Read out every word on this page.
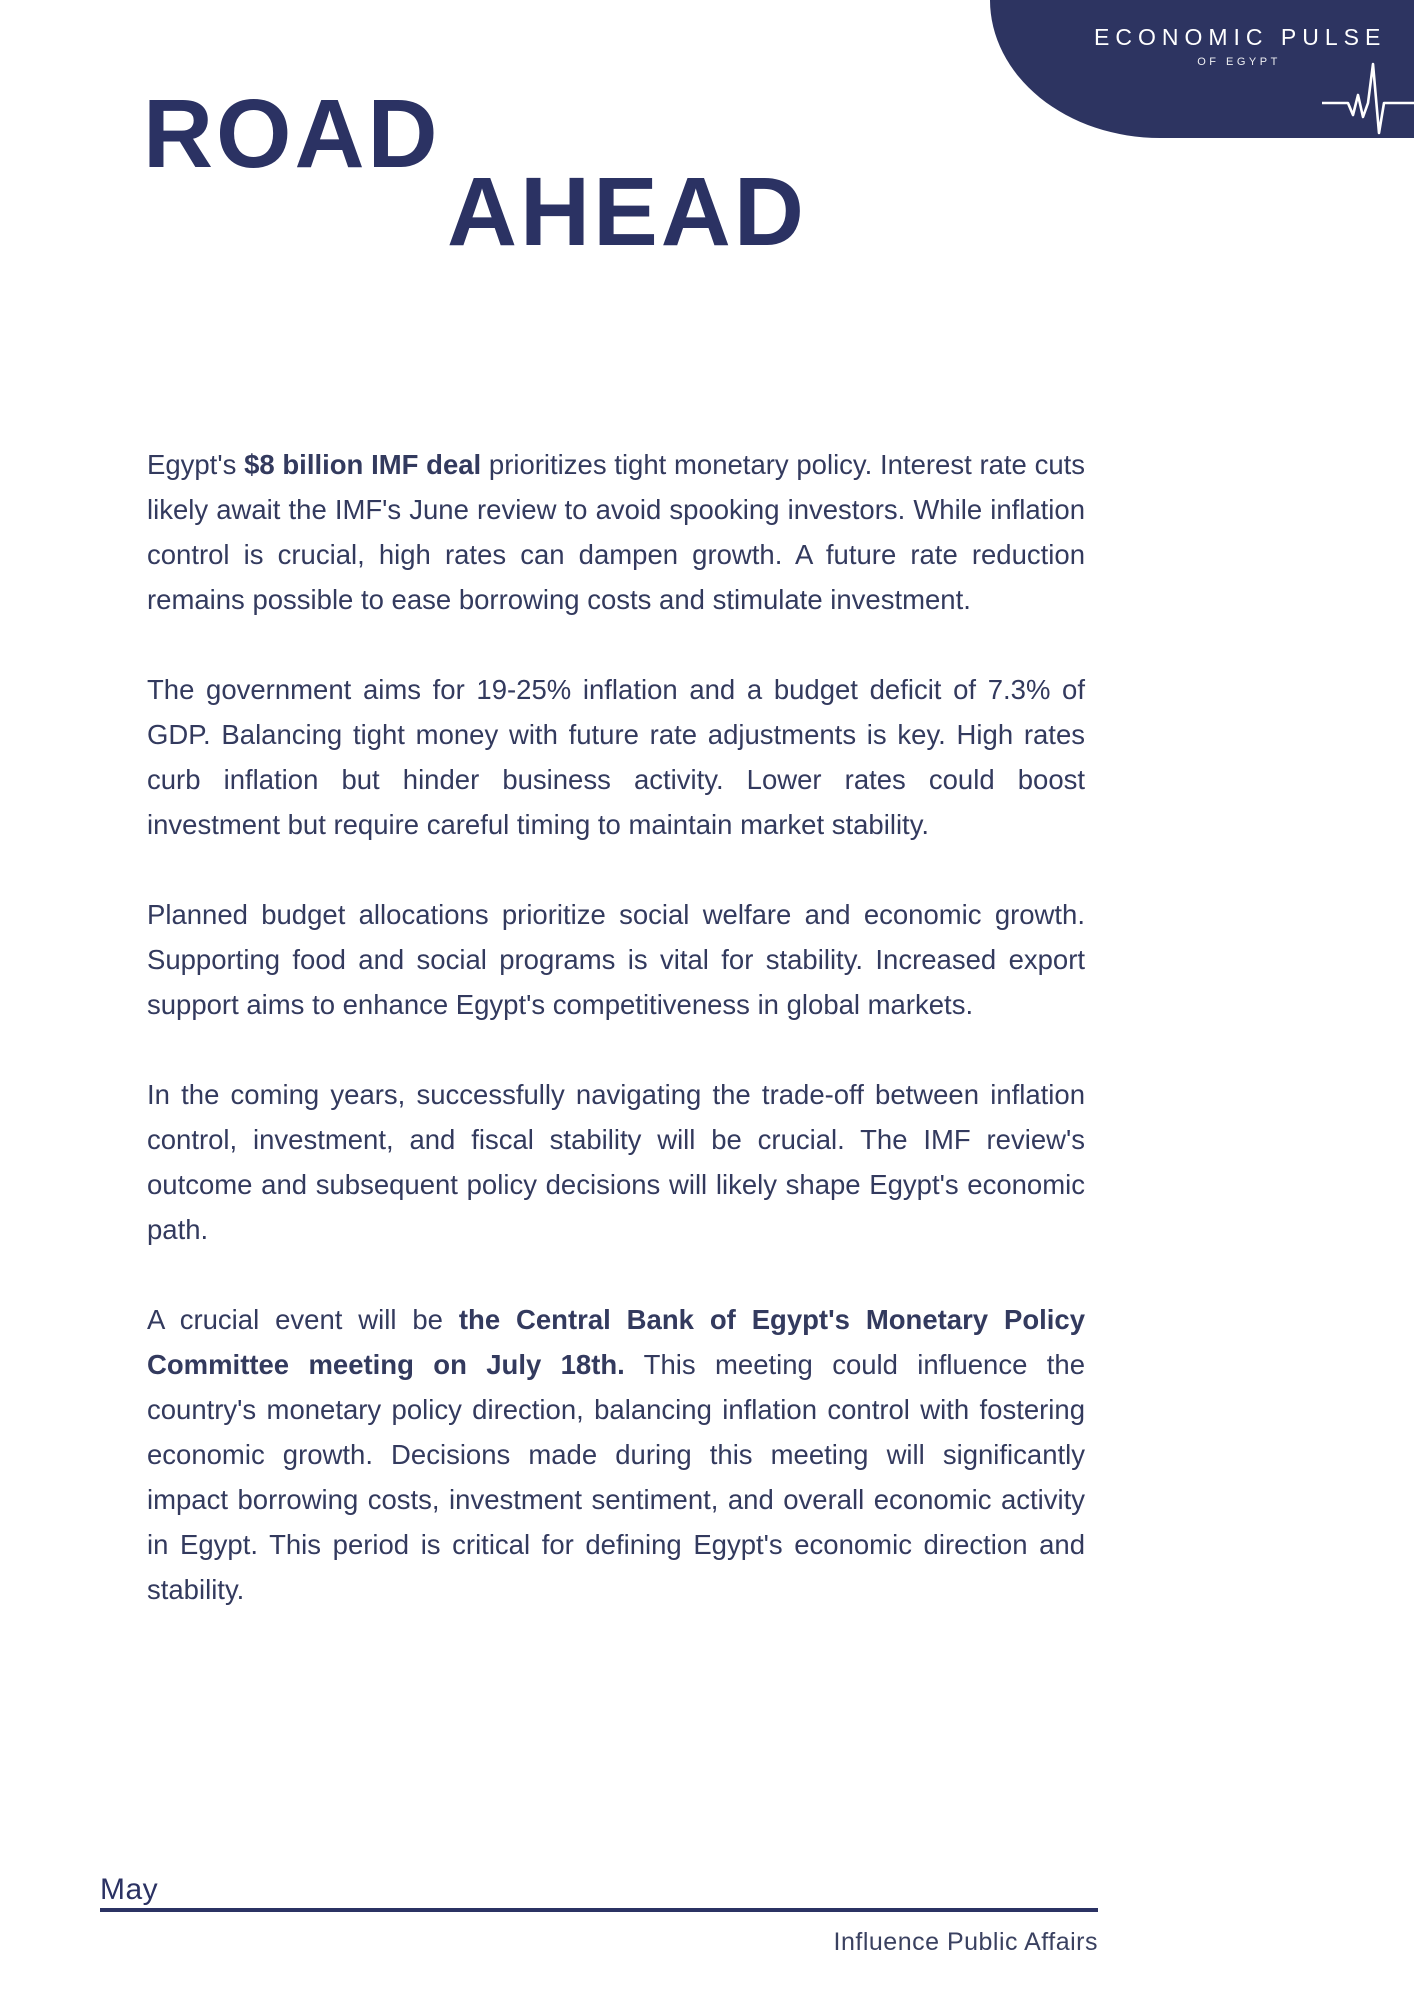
ECONOMIC PULSE
OF EGYPT
ROAD
AHEAD

Egypt's $8 billion IMF deal prioritizes tight monetary policy. Interest rate cuts likely await the IMF's June review to avoid spooking investors. While inflation control is crucial, high rates can dampen growth. A future rate reduction remains possible to ease borrowing costs and stimulate investment.

The government aims for 19-25% inflation and a budget deficit of 7.3% of GDP. Balancing tight money with future rate adjustments is key. High rates curb inflation but hinder business activity. Lower rates could boost investment but require careful timing to maintain market stability.

Planned budget allocations prioritize social welfare and economic growth. Supporting food and social programs is vital for stability. Increased export support aims to enhance Egypt's competitiveness in global markets.

In the coming years, successfully navigating the trade-off between inflation control, investment, and fiscal stability will be crucial. The IMF review's outcome and subsequent policy decisions will likely shape Egypt's economic path.

A crucial event will be the Central Bank of Egypt's Monetary Policy Committee meeting on July 18th. This meeting could influence the country's monetary policy direction, balancing inflation control with fostering economic growth. Decisions made during this meeting will significantly impact borrowing costs, investment sentiment, and overall economic activity in Egypt. This period is critical for defining Egypt's economic direction and stability.

May
Influence Public Affairs
